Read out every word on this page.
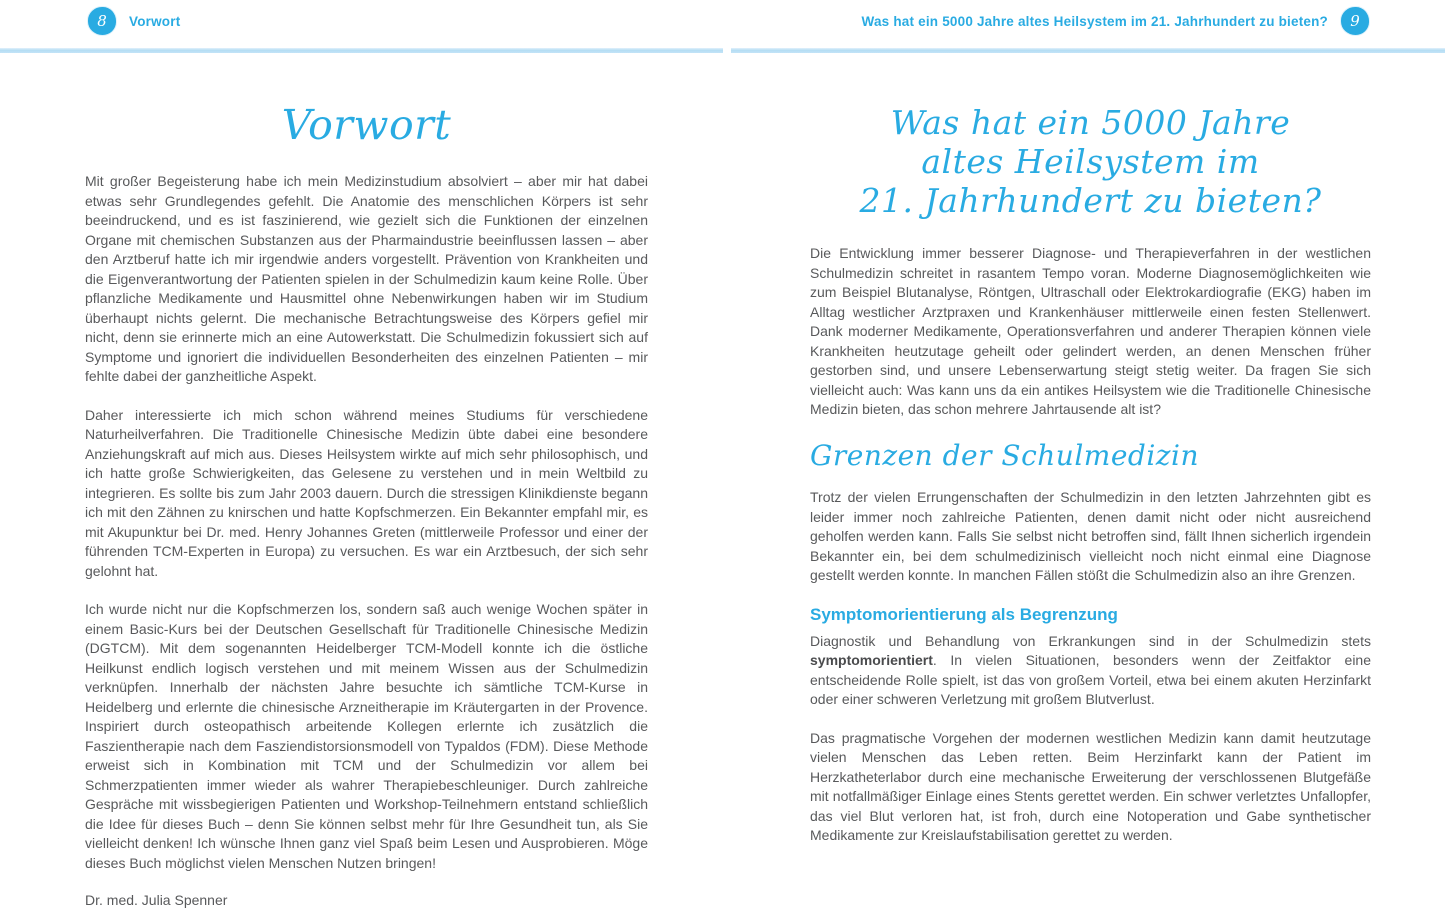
8 Vorwort	Was hat ein 5000 Jahre altes Heilsystem im 21. Jahrhundert zu bieten? 9
Vorwort

Mit großer Begeisterung habe ich mein Medizinstudium absolviert – aber mir hat dabei etwas sehr Grundlegendes gefehlt. Die Anatomie des menschlichen Körpers ist sehr beeindruckend, und es ist faszinierend, wie gezielt sich die Funktionen der einzelnen Organe mit chemischen Substanzen aus der Pharmaindustrie beeinflussen lassen – aber den Arztberuf hatte ich mir irgendwie anders vorgestellt. Prävention von Krankheiten und die Eigenverantwortung der Patienten spielen in der Schulmedizin kaum keine Rolle. Über pflanzliche Medikamente und Hausmittel ohne Nebenwirkungen haben wir im Studium überhaupt nichts gelernt. Die mechanische Betrachtungsweise des Körpers gefiel mir nicht, denn sie erinnerte mich an eine Autowerkstatt. Die Schulmedizin fokussiert sich auf Symptome und ignoriert die individuellen Besonderheiten des einzelnen Patienten – mir fehlte dabei der ganzheitliche Aspekt.

Daher interessierte ich mich schon während meines Studiums für verschiedene Naturheilverfahren. Die Traditionelle Chinesische Medizin übte dabei eine besondere Anziehungskraft auf mich aus. Dieses Heilsystem wirkte auf mich sehr philosophisch, und ich hatte große Schwierigkeiten, das Gelesene zu verstehen und in mein Weltbild zu integrieren. Es sollte bis zum Jahr 2003 dauern. Durch die stressigen Klinikdienste begann ich mit den Zähnen zu knirschen und hatte Kopfschmerzen. Ein Bekannter empfahl mir, es mit Akupunktur bei Dr. med. Henry Johannes Greten (mittlerweile Professor und einer der führenden TCM-Experten in Europa) zu versuchen. Es war ein Arztbesuch, der sich sehr gelohnt hat.

Ich wurde nicht nur die Kopfschmerzen los, sondern saß auch wenige Wochen später in einem Basic-Kurs bei der Deutschen Gesellschaft für Traditionelle Chinesische Medizin (DGTCM). Mit dem sogenannten Heidelberger TCM-Modell konnte ich die östliche Heilkunst endlich logisch verstehen und mit meinem Wissen aus der Schulmedizin verknüpfen. Innerhalb der nächsten Jahre besuchte ich sämtliche TCM-Kurse in Heidelberg und erlernte die chinesische Arzneitherapie im Kräutergarten in der Provence. Inspiriert durch osteopathisch arbeitende Kollegen erlernte ich zusätzlich die Faszientherapie nach dem Fasziendistorsionsmodell von Typaldos (FDM). Diese Methode erweist sich in Kombination mit TCM und der Schulmedizin vor allem bei Schmerzpatienten immer wieder als wahrer Therapiebeschleuniger. Durch zahlreiche Gespräche mit wissbegierigen Patienten und Workshop-Teilnehmern entstand schließlich die Idee für dieses Buch – denn Sie können selbst mehr für Ihre Gesundheit tun, als Sie vielleicht denken! Ich wünsche Ihnen ganz viel Spaß beim Lesen und Ausprobieren. Möge dieses Buch möglichst vielen Menschen Nutzen bringen!

Dr. med. Julia Spenner
Was hat ein 5000 Jahre
altes Heilsystem im
21. Jahrhundert zu bieten?

Die Entwicklung immer besserer Diagnose- und Therapieverfahren in der westlichen Schulmedizin schreitet in rasantem Tempo voran. Moderne Diagnosemöglichkeiten wie zum Beispiel Blutanalyse, Röntgen, Ultraschall oder Elektrokardiografie (EKG) haben im Alltag westlicher Arztpraxen und Krankenhäuser mittlerweile einen festen Stellenwert. Dank moderner Medikamente, Operationsverfahren und anderer Therapien können viele Krankheiten heutzutage geheilt oder gelindert werden, an denen Menschen früher gestorben sind, und unsere Lebenserwartung steigt stetig weiter. Da fragen Sie sich vielleicht auch: Was kann uns da ein antikes Heilsystem wie die Traditionelle Chinesische Medizin bieten, das schon mehrere Jahrtausende alt ist?

Grenzen der Schulmedizin

Trotz der vielen Errungenschaften der Schulmedizin in den letzten Jahrzehnten gibt es leider immer noch zahlreiche Patienten, denen damit nicht oder nicht ausreichend geholfen werden kann. Falls Sie selbst nicht betroffen sind, fällt Ihnen sicherlich irgendein Bekannter ein, bei dem schulmedizinisch vielleicht noch nicht einmal eine Diagnose gestellt werden konnte. In manchen Fällen stößt die Schulmedizin also an ihre Grenzen.

Symptomorientierung als Begrenzung

Diagnostik und Behandlung von Erkrankungen sind in der Schulmedizin stets symptomorientiert. In vielen Situationen, besonders wenn der Zeitfaktor eine entscheidende Rolle spielt, ist das von großem Vorteil, etwa bei einem akuten Herzinfarkt oder einer schweren Verletzung mit großem Blutverlust.

Das pragmatische Vorgehen der modernen westlichen Medizin kann damit heutzutage vielen Menschen das Leben retten. Beim Herzinfarkt kann der Patient im Herzkatheterlabor durch eine mechanische Erweiterung der verschlossenen Blutgefäße mit notfallmäßiger Einlage eines Stents gerettet werden. Ein schwer verletztes Unfallopfer, das viel Blut verloren hat, ist froh, durch eine Notoperation und Gabe synthetischer Medikamente zur Kreislaufstabilisation gerettet zu werden.
